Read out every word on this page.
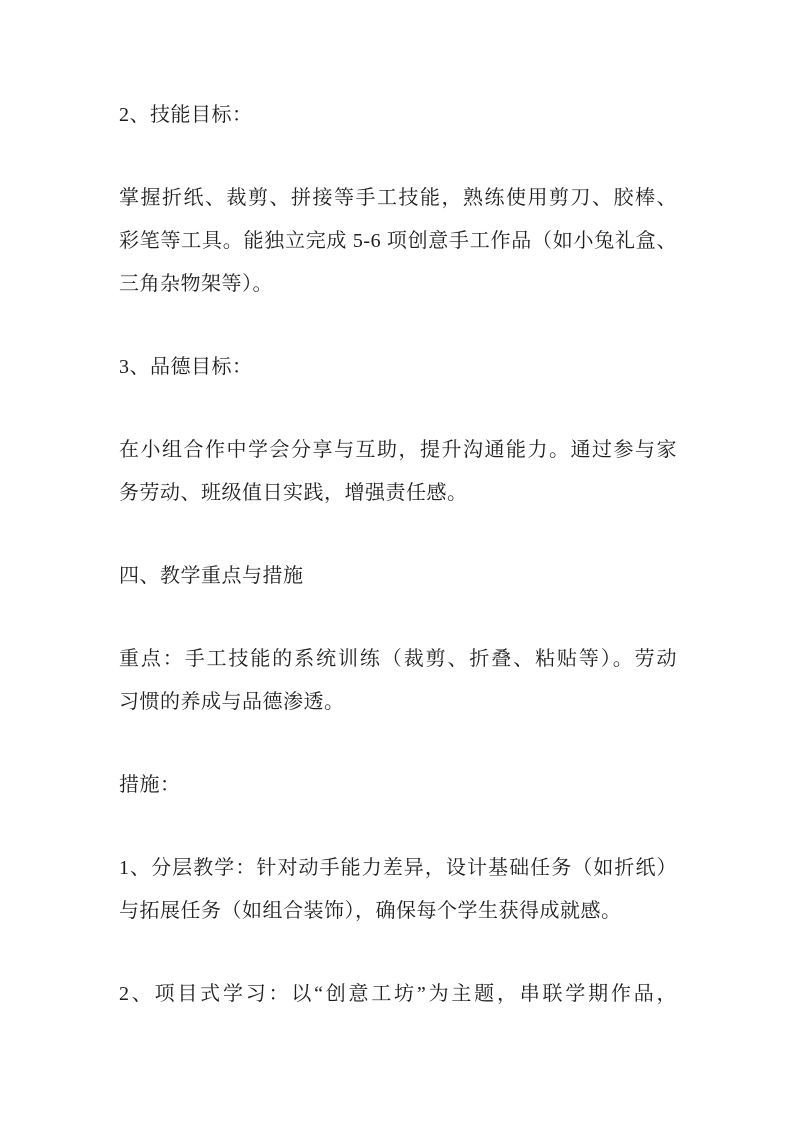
2、技能目标：
掌握折纸、裁剪、拼接等手工技能，熟练使用剪刀、胶棒、
彩笔等工具。能独立完成 5-6 项创意手工作品（如小兔礼盒、
三角杂物架等）。
3、品德目标：
在小组合作中学会分享与互助，提升沟通能力。通过参与家
务劳动、班级值日实践，增强责任感。
四、教学重点与措施
重点：手工技能的系统训练（裁剪、折叠、粘贴等）。劳动
习惯的养成与品德渗透。
措施：
1、分层教学：针对动手能力差异，设计基础任务（如折纸）
与拓展任务（如组合装饰），确保每个学生获得成就感。
2、项目式学习：以“创意工坊”为主题，串联学期作品，
